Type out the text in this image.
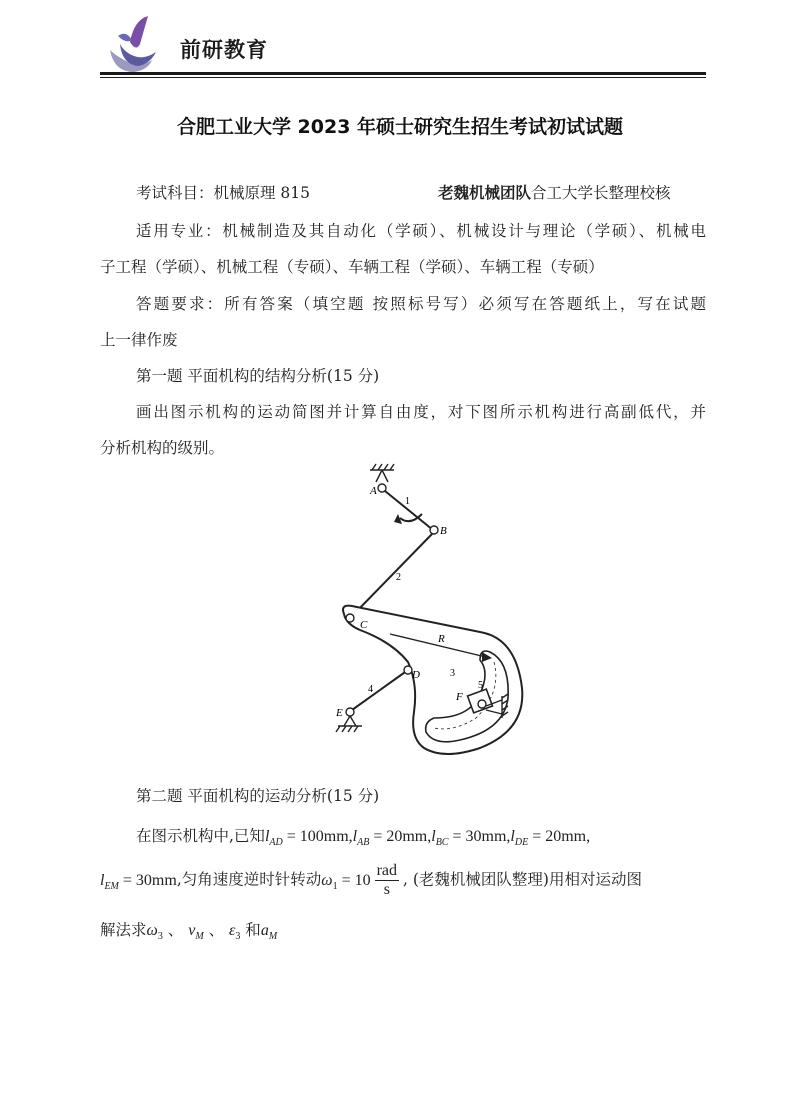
前研教育
合肥工业大学 2023 年硕士研究生招生考试初试试题
考试科目：机械原理 815	老魏机械团队合工大学长整理校核
适用专业：机械制造及其自动化（学硕）、机械设计与理论（学硕）、机械电
子工程（学硕）、机械工程（专硕）、车辆工程（学硕）、车辆工程（专硕）
答题要求：所有答案（填空题 按照标号写）必须写在答题纸上，写在试题
上一律作废
第一题 平面机构的结构分析(15 分)
画出图示机构的运动简图并计算自由度，对下图所示机构进行高副低代，并
分析机构的级别。
A
1
B
2
C
R
3
D
4
E
5
F
第二题 平面机构的运动分析(15 分)
在图示机构中,已知$l_{AD} = 100mm,l_{AB} = 20mm,l_{BC} = 30mm,l_{DE} = 20mm$,
$l_{EM} = 30mm$,匀角速度逆时针转动$\omega_1 = 10 \frac{\text{rad}}{s}$ , (老魏机械团队整理)用相对运动图
解法求$\omega_3$ 、 $v_M$ 、 $\varepsilon_3$ 和$a_M$
